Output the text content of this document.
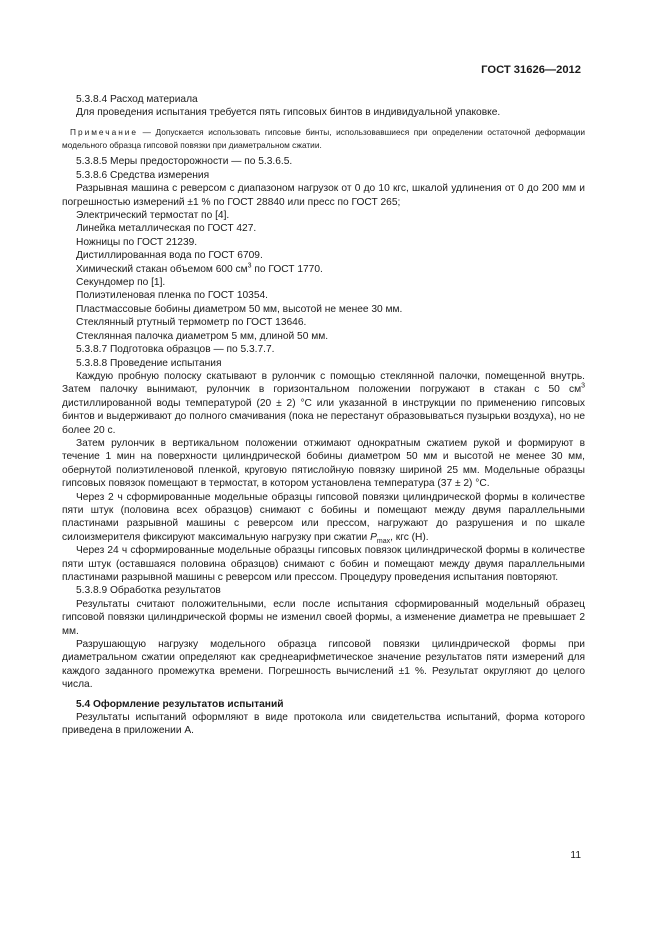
ГОСТ 31626—2012

5.3.8.4 Расход материала

Для проведения испытания требуется пять гипсовых бинтов в индивидуальной упаковке.

Примечание — Допускается использовать гипсовые бинты, использовавшиеся при определении остаточной деформации модельного образца гипсовой повязки при диаметральном сжатии.

5.3.8.5 Меры предосторожности — по 5.3.6.5.

5.3.8.6 Средства измерения

Разрывная машина с реверсом с диапазоном нагрузок от 0 до 10 кгс, шкалой удлинения от 0 до 200 мм и погрешностью измерений ±1 % по ГОСТ 28840 или пресс по ГОСТ 265;

Электрический термостат по [4].

Линейка металлическая по ГОСТ 427.

Ножницы по ГОСТ 21239.

Дистиллированная вода по ГОСТ 6709.

Химический стакан объемом 600 $см^3$ по ГОСТ 1770.

Секундомер по [1].

Полиэтиленовая пленка по ГОСТ 10354.

Пластмассовые бобины диаметром 50 мм, высотой не менее 30 мм.

Стеклянный ртутный термометр по ГОСТ 13646.

Стеклянная палочка диаметром 5 мм, длиной 50 мм.

5.3.8.7 Подготовка образцов — по 5.3.7.7.

5.3.8.8 Проведение испытания

Каждую пробную полоску скатывают в рулончик с помощью стеклянной палочки, помещенной внутрь. Затем палочку вынимают, рулончик в горизонтальном положении погружают в стакан с 50 $см^3$ дистиллированной воды температурой (20 ± 2) °С или указанной в инструкции по применению гипсовых бинтов и выдерживают до полного смачивания (пока не перестанут образовываться пузырьки воздуха), но не более 20 с.

Затем рулончик в вертикальном положении отжимают однократным сжатием рукой и формируют в течение 1 мин на поверхности цилиндрической бобины диаметром 50 мм и высотой не менее 30 мм, обернутой полиэтиленовой пленкой, круговую пятислойную повязку шириной 25 мм. Модельные образцы гипсовых повязок помещают в термостат, в котором установлена температура (37 ± 2) °С.

Через 2 ч сформированные модельные образцы гипсовой повязки цилиндрической формы в количестве пяти штук (половина всех образцов) снимают с бобины и помещают между двумя параллельными пластинами разрывной машины с реверсом или прессом, нагружают до разрушения и по шкале силоизмерителя фиксируют максимальную нагрузку при сжатии $P_{max}$, кгс (Н).

Через 24 ч сформированные модельные образцы гипсовых повязок цилиндрической формы в количестве пяти штук (оставшаяся половина образцов) снимают с бобин и помещают между двумя параллельными пластинами разрывной машины с реверсом или прессом. Процедуру проведения испытания повторяют.

5.3.8.9 Обработка результатов

Результаты считают положительными, если после испытания сформированный модельный образец гипсовой повязки цилиндрической формы не изменил своей формы, а изменение диаметра не превышает 2 мм.

Разрушающую нагрузку модельного образца гипсовой повязки цилиндрической формы при диаметральном сжатии определяют как среднеарифметическое значение результатов пяти измерений для каждого заданного промежутка времени. Погрешность вычислений ±1 %. Результат округляют до целого числа.

5.4 Оформление результатов испытаний

Результаты испытаний оформляют в виде протокола или свидетельства испытаний, форма которого приведена в приложении А.

11
